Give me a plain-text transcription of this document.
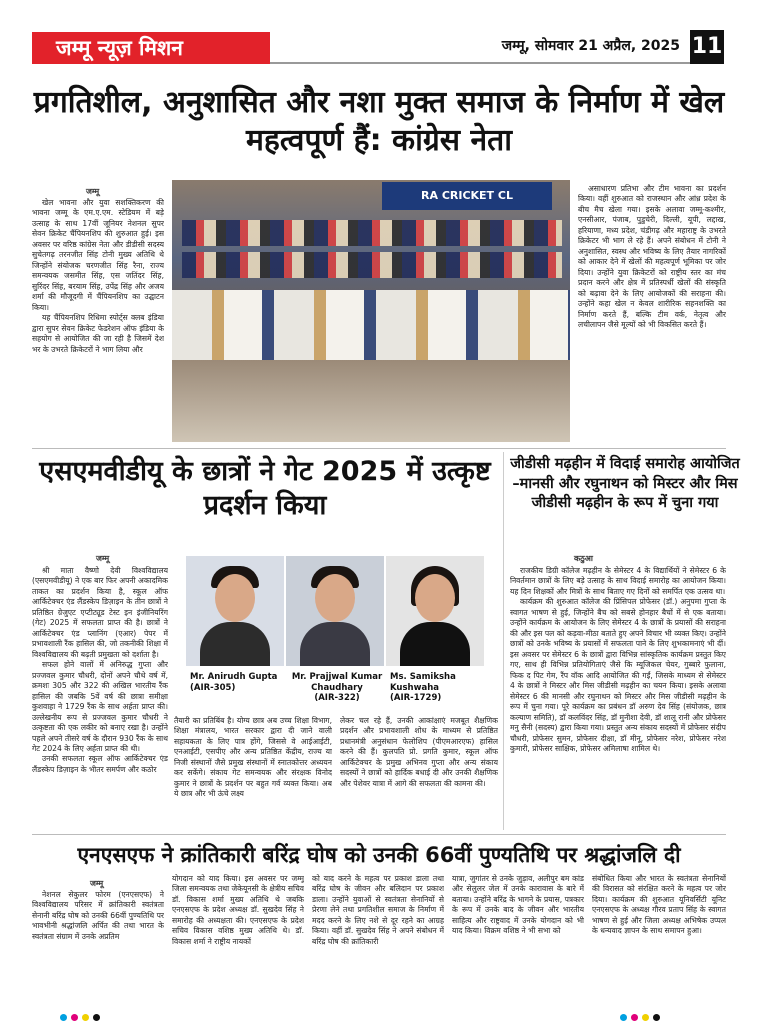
जम्मू न्यूज़ मिशन	जम्मू, सोमवार 21 अप्रैल, 2025 11
प्रगतिशील, अनुशासित और नशा मुक्त समाज के निर्माण में खेल महत्वपूर्ण हैं: कांग्रेस नेता
जम्मू

खेल भावना और युवा सशक्तिकरण की भावना जम्मू के एम.ए.एम. स्टेडियम में बड़े उत्साह के साथ 17वीं जूनियर नेशनल सुपर सेवन क्रिकेट चैंपियनशिप की शुरुआत हुई। इस अवसर पर वरिष्ठ कांग्रेस नेता और डीडीसी सदस्य सुचेतगढ़ तरनजीत सिंह टोनी मुख्य अतिथि थे जिन्होंने संयोजक चरणजीत सिंह रैना, राज्य समन्वयक जसमीत सिंह, एस जतिंदर सिंह, सुरिंदर सिंह, बरयाम सिंह, उपेंद्र सिंह और अजय शर्मा की मौजूदगी में चैंपियनशिप का उद्घाटन किया।

यह चैंपियनशिप रिधिमा स्पोर्ट्स क्लब इंडिया द्वारा सुपर सेवन क्रिकेट फेडरेशन ऑफ इंडिया के सहयोग से आयोजित की जा रही है जिसमें देश भर के उभरते क्रिकेटरों ने भाग लिया और

RA CRICKET CL

असाधारण प्रतिभा और टीम भावना का प्रदर्शन किया। वहीं शुरुआत को राजस्थान और आंध्र प्रदेश के बीच मैच खेला गया। इसके अलावा जम्मू-कश्मीर, एनसीआर, पंजाब, पुडुचेरी, दिल्ली, यूपी, लद्दाख, हरियाणा, मध्य प्रदेश, चंडीगढ़ और महाराष्ट्र के उभरते क्रिकेटर भी भाग ले रहे हैं। अपने संबोधन में टोनी ने अनुशासित, स्वस्थ और भविष्य के लिए तैयार नागरिकों को आकार देने में खेलों की महत्वपूर्ण भूमिका पर जोर दिया। उन्होंने युवा क्रिकेटरों को राष्ट्रीय स्तर का मंच प्रदान करने और क्षेत्र में प्रतिस्पर्धी खेलों की संस्कृति को बढ़ावा देने के लिए आयोजकों की सराहना की। उन्होंने कहा खेल न केवल शारीरिक सहनशक्ति का निर्माण करते हैं, बल्कि टीम वर्क, नेतृत्व और लचीलापन जैसे मूल्यों को भी विकसित करते हैं।

एसएमवीडीयू के छात्रों ने गेट 2025 में उत्कृष्ट प्रदर्शन किया
जम्मू

श्री माता वैष्णो देवी विश्वविद्यालय (एसएमवीडीयू) ने एक बार फिर अपनी अकादमिक ताकत का प्रदर्शन किया है, स्कूल ऑफ आर्किटेक्चर एंड लैंडस्केप डिज़ाइन के तीन छात्रों ने प्रतिष्ठित ग्रेजुएट एप्टीट्यूड टेस्ट इन इंजीनियरिंग (गेट) 2025 में सफलता प्राप्त की है। छात्रों ने आर्किटेक्चर एंड प्लानिंग (एआर) पेपर में प्रभावशाली रैंक हासिल की, जो तकनीकी शिक्षा में विश्वविद्यालय की बढ़ती प्रमुखता को दर्शाता है।

सफल होने वालों में अनिरुद्ध गुप्ता और प्रज्जवल कुमार चौधरी, दोनों अपने चौथे वर्ष में, क्रमशः 305 और 322 की अखिल भारतीय रैंक हासिल की जबकि 5वें वर्ष की छात्रा समीक्षा कुशवाहा ने 1729 रैंक के साथ अर्हता प्राप्त की। उल्लेखनीय रूप से प्रज्जवल कुमार चौधरी ने उत्कृष्टता की एक लकीर को बनाए रखा है। उन्होंने पहले अपने तीसरे वर्ष के दौरान 930 रैंक के साथ गेट 2024 के लिए अर्हता प्राप्त की थी।

उनकी सफलता स्कूल ऑफ आर्किटेक्चर एंड लैंडस्केप डिज़ाइन के भीतर समर्पण और कठोर

Mr. Anirudh Gupta
(AIR-305)
Mr. Prajjwal Kumar Chaudhary
(AIR-322)
Ms. Samiksha Kushwaha
(AIR-1729)

तैयारी का प्रतिबिंब है। योग्य छात्र अब उच्च शिक्षा विभाग, शिक्षा मंत्रालय, भारत सरकार द्वारा दी जाने वाली सहायकता के लिए पात्र होंगे, जिससे वे आईआईटी, एनआईटी, एसपीए और अन्य प्रतिष्ठित केंद्रीय, राज्य या निजी संस्थानों जैसे प्रमुख संस्थानों में स्नातकोत्तर अध्ययन कर सकेंगे। संकाय गेट समन्वयक और संरक्षक विनोद कुमार ने छात्रों के प्रदर्शन पर बहुत गर्व व्यक्त किया। अब ये छात्र और भी ऊंचे लक्ष्य

लेकर चल रहे हैं, उनकी आकांक्षाएं मजबूत शैक्षणिक प्रदर्शन और प्रभावशाली शोध के माध्यम से प्रतिष्ठित प्रधानमंत्री अनुसंधान फेलोशिप (पीएमआरएफ) हासिल करने की हैं। कुलपति प्रो. प्रगति कुमार, स्कूल ऑफ आर्किटेक्चर के प्रमुख अभिनव गुप्ता और अन्य संकाय सदस्यों ने छात्रों को हार्दिक बधाई दी और उनकी शैक्षणिक और पेशेवर यात्रा में आगे की सफलता की कामना की।

जीडीसी मढ़हीन में विदाई समारोह आयोजित –मानसी और रघुनाथन को मिस्टर और मिस जीडीसी मढ़हीन के रूप में चुना गया
कठुआ

राजकीय डिग्री कॉलेज मढ़हीन के सेमेस्टर 4 के विद्यार्थियों ने सेमेस्टर 6 के निवर्तमान छात्रों के लिए बड़े उत्साह के साथ विदाई समारोह का आयोजन किया। यह दिन शिक्षकों और मित्रों के साथ बिताए गए दिनों को समर्पित एक उत्सव था।

कार्यक्रम की शुरुआत कॉलेज की प्रिंसिपल प्रोफेसर (डॉ.) अनुपमा गुप्ता के स्वागत भाषण से हुई, जिन्होंने बैच को सबसे होनहार बैचों में से एक बताया। उन्होंने कार्यक्रम के आयोजन के लिए सेमेस्टर 4 के छात्रों के प्रयासों की सराहना की और इस पल को कड़वा-मीठा बताते हुए अपने विचार भी व्यक्त किए। उन्होंने छात्रों को उनके भविष्य के प्रयासों में सफलता पाने के लिए शुभकामनाएं भी दीं। इस अवसर पर सेमेस्टर 6 के छात्रों द्वारा विभिन्न सांस्कृतिक कार्यक्रम प्रस्तुत किए गए, साथ ही विभिन्न प्रतियोगिताएं जैसे कि म्यूजिकल चेयर, गुब्बारे फुलाना, फिक द पिट गेम, रैंप वॉक आदि आयोजित की गईं, जिसके माध्यम से सेमेस्टर 4 के छात्रों ने मिस्टर और मिस जीडीसी मढ़हीन का चयन किया। इसके अलावा सेमेस्टर 6 की मानसी और रघुनाथन को मिस्टर और मिस जीडीसी मढ़हीन के रूप में चुना गया। पूरे कार्यक्रम का प्रबंधन डॉ अरुण देव सिंह (संयोजक, छात्र कल्याण समिति), डॉ कलविंदर सिंह, डॉ मुनीशा देवी, डॉ शालू रानी और प्रोफेसर मनु सैनी (सदस्य) द्वारा किया गया। प्रस्तुत अन्य संकाय सदस्यों में प्रोफेसर संदीप चौधरी, प्रोफेसर सुमन, प्रोफेसर दीक्षा, डॉ मीनू, प्रोफेसर नरेश, प्रोफेसर नरेश कुमारी, प्रोफेसर साक्षिक, प्रोफेसर अमिलाषा शामिल थे।

एनएसएफ ने क्रांतिकारी बरिंद्र घोष को उनकी 66वीं पुण्यतिथि पर श्रद्धांजलि दी
जम्मू

नेशनल सेकुलर फोरम (एनएसएफ) ने विश्वविद्यालय परिसर में क्रांतिकारी स्वतंत्रता सेनानी बरिंद्र घोष को उनकी 66वीं पुण्यतिथि पर भावभीनी श्रद्धांजलि अर्पित की तथा भारत के स्वतंत्रता संग्राम में उनके अप्रतिम

योगदान को याद किया। इस अवसर पर जम्मू जिला समन्वयक तथा जेकेयूनसी के क्षेत्रीय सचिव डॉ. विकास शर्मा मुख्य अतिथि थे जबकि एनएसएफ के प्रदेश अध्यक्ष डॉ. सुखदेव सिंह ने समारोह की अध्यक्षता की। एनएसएफ के प्रदेश सचिव विकास वशिष्ठ मुख्य अतिथि थे। डॉ. विकास शर्मा ने राष्ट्रीय नायकों

को याद करने के महत्व पर प्रकाश डाला तथा बरिंद्र घोष के जीवन और बलिदान पर प्रकाश डाला। उन्होंने युवाओं से स्वतंत्रता सेनानियों से प्रेरणा लेने तथा प्रगतिशील समाज के निर्माण में मदद करने के लिए नशे से दूर रहने का आग्रह किया। वहीं डॉ. सुखदेव सिंह ने अपने संबोधन में बरिंद्र घोष की क्रांतिकारी

यात्रा, जुगांतर से उनके जुड़ाव, अलीपुर बम कांड और सेलुलर जेल में उनके कारावास के बारे में बताया। उन्होंने बरिंद्र के भागने के प्रयास, पत्रकार के रूप में उनके बाद के जीवन और भारतीय साहित्य और राष्ट्रवाद में उनके योगदान को भी याद किया। विक्रम वशिष्ठ ने भी सभा को

संबोधित किया और भारत के स्वतंत्रता सेनानियों की विरासत को संरक्षित करने के महत्व पर जोर दिया। कार्यक्रम की शुरुआत यूनिवर्सिटी यूनिट एनएसएफ के अध्यक्ष गौरव प्रताप सिंह के स्वागत भाषण से हुई और जिला अध्यक्ष अभिषेक उप्पल के धन्यवाद ज्ञापन के साथ समापन हुआ।
